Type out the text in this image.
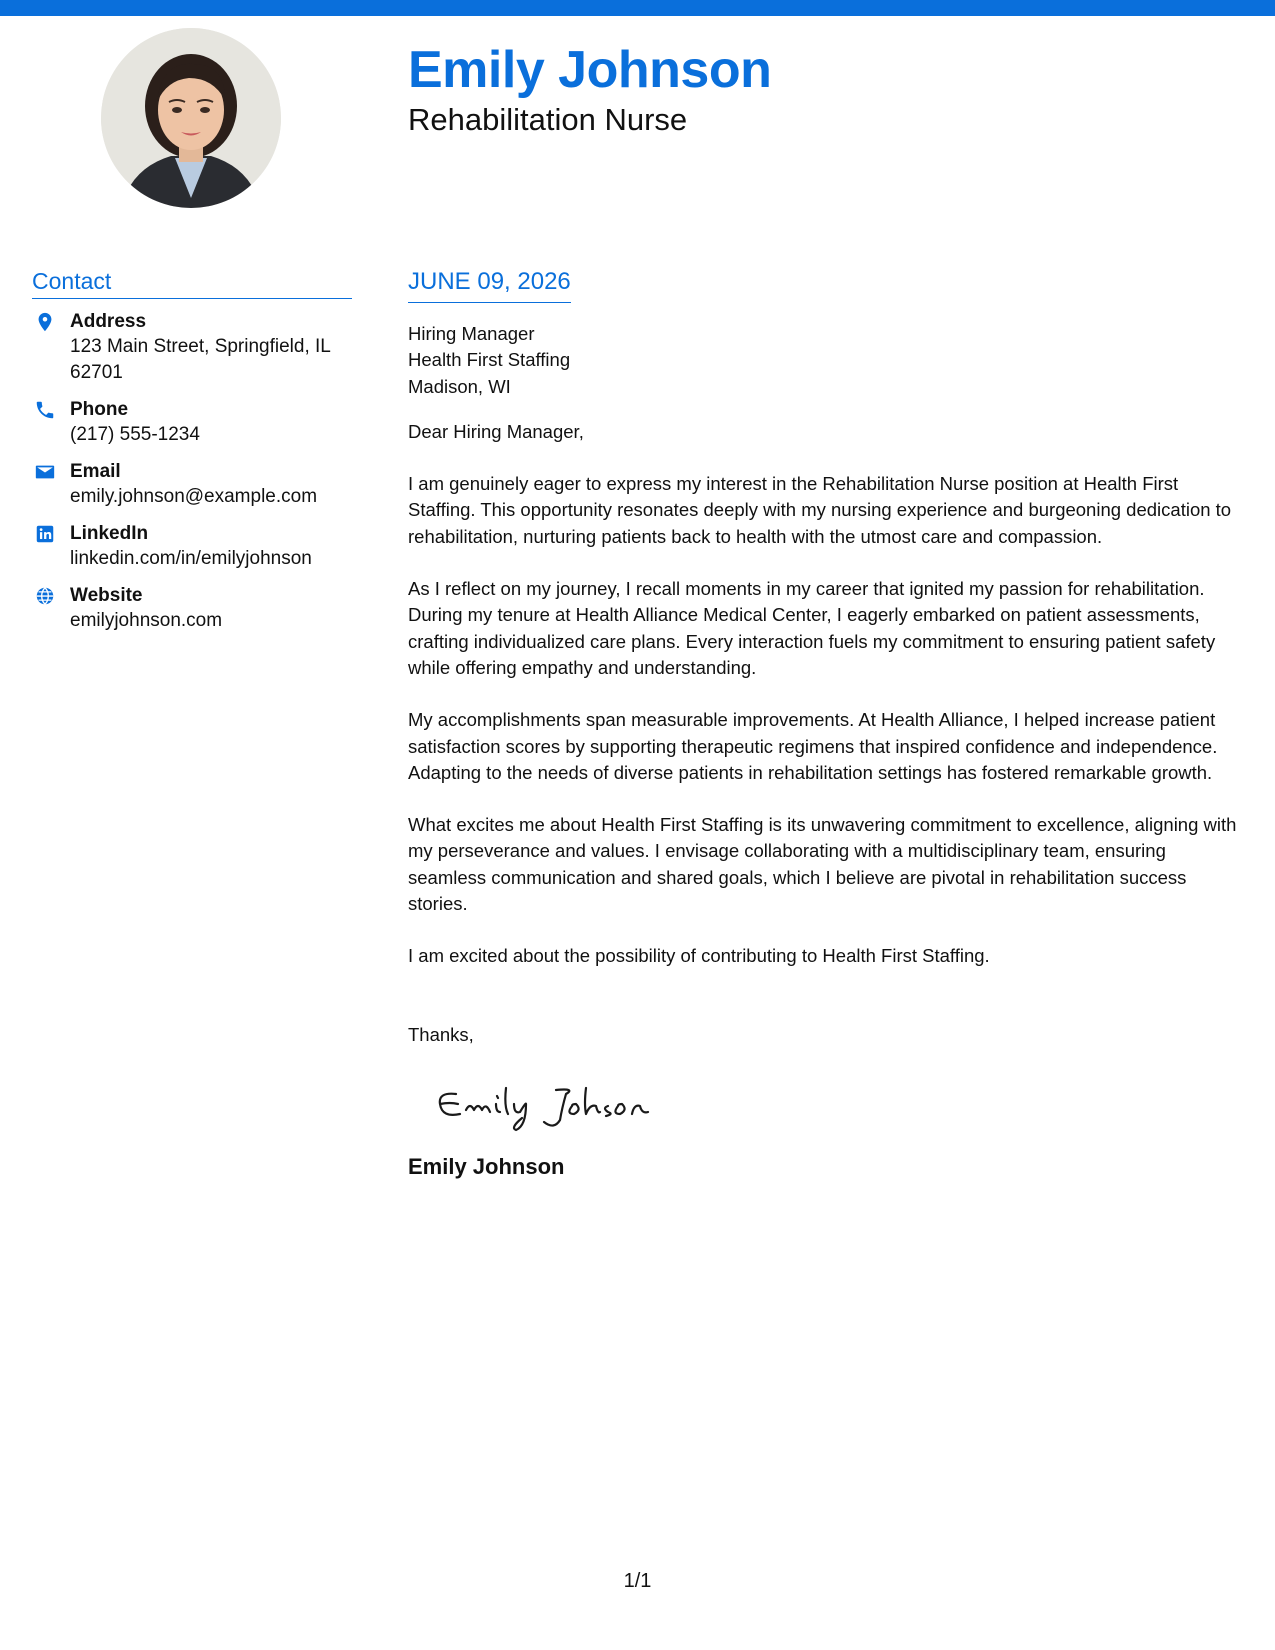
Emily Johnson
Rehabilitation Nurse
Contact
Address
123 Main Street, Springfield, IL 62701
Phone
(217) 555-1234
Email
emily.johnson@example.com
LinkedIn
linkedin.com/in/emilyjohnson
Website
emilyjohnson.com
JUNE 09, 2026
Hiring Manager
Health First Staffing
Madison, WI

Dear Hiring Manager,

I am genuinely eager to express my interest in the Rehabilitation Nurse position at Health First Staffing. This opportunity resonates deeply with my nursing experience and burgeoning dedication to rehabilitation, nurturing patients back to health with the utmost care and compassion.

As I reflect on my journey, I recall moments in my career that ignited my passion for rehabilitation. During my tenure at Health Alliance Medical Center, I eagerly embarked on patient assessments, crafting individualized care plans. Every interaction fuels my commitment to ensuring patient safety while offering empathy and understanding.

My accomplishments span measurable improvements. At Health Alliance, I helped increase patient satisfaction scores by supporting therapeutic regimens that inspired confidence and independence. Adapting to the needs of diverse patients in rehabilitation settings has fostered remarkable growth.

What excites me about Health First Staffing is its unwavering commitment to excellence, aligning with my perseverance and values. I envisage collaborating with a multidisciplinary team, ensuring seamless communication and shared goals, which I believe are pivotal in rehabilitation success stories.

I am excited about the possibility of contributing to Health First Staffing.

Thanks,

Emily Johnson
1/1
